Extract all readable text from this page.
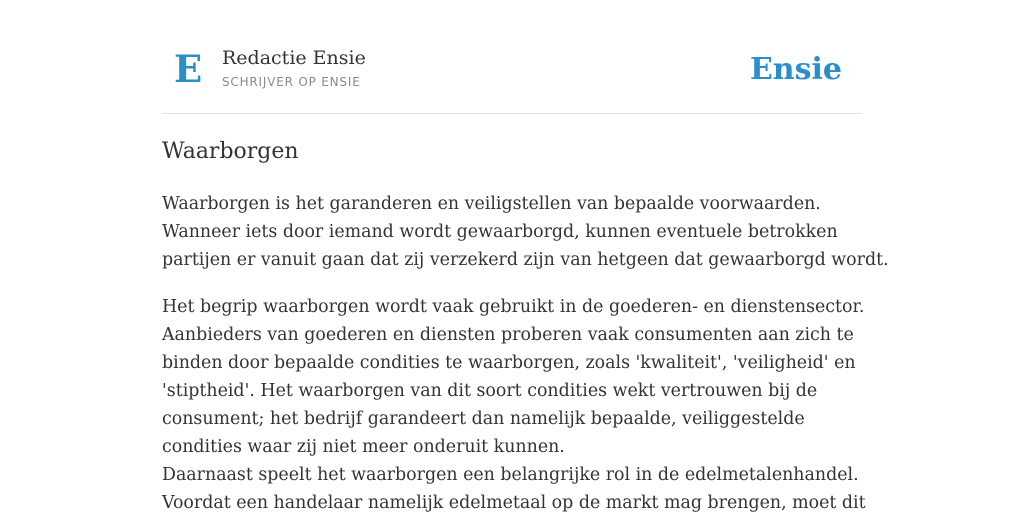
E Redactie Ensie
SCHRIJVER OP ENSIE	Ensie
Waarborgen

Waarborgen is het garanderen en veiligstellen van bepaalde voorwaarden.
Wanneer iets door iemand wordt gewaarborgd, kunnen eventuele betrokken
partijen er vanuit gaan dat zij verzekerd zijn van hetgeen dat gewaarborgd wordt.

Het begrip waarborgen wordt vaak gebruikt in de goederen- en dienstensector.
Aanbieders van goederen en diensten proberen vaak consumenten aan zich te
binden door bepaalde condities te waarborgen, zoals 'kwaliteit', 'veiligheid' en
'stiptheid'. Het waarborgen van dit soort condities wekt vertrouwen bij de
consument; het bedrijf garandeert dan namelijk bepaalde, veiliggestelde
condities waar zij niet meer onderuit kunnen.
Daarnaast speelt het waarborgen een belangrijke rol in de edelmetalenhandel.
Voordat een handelaar namelijk edelmetaal op de markt mag brengen, moet dit
